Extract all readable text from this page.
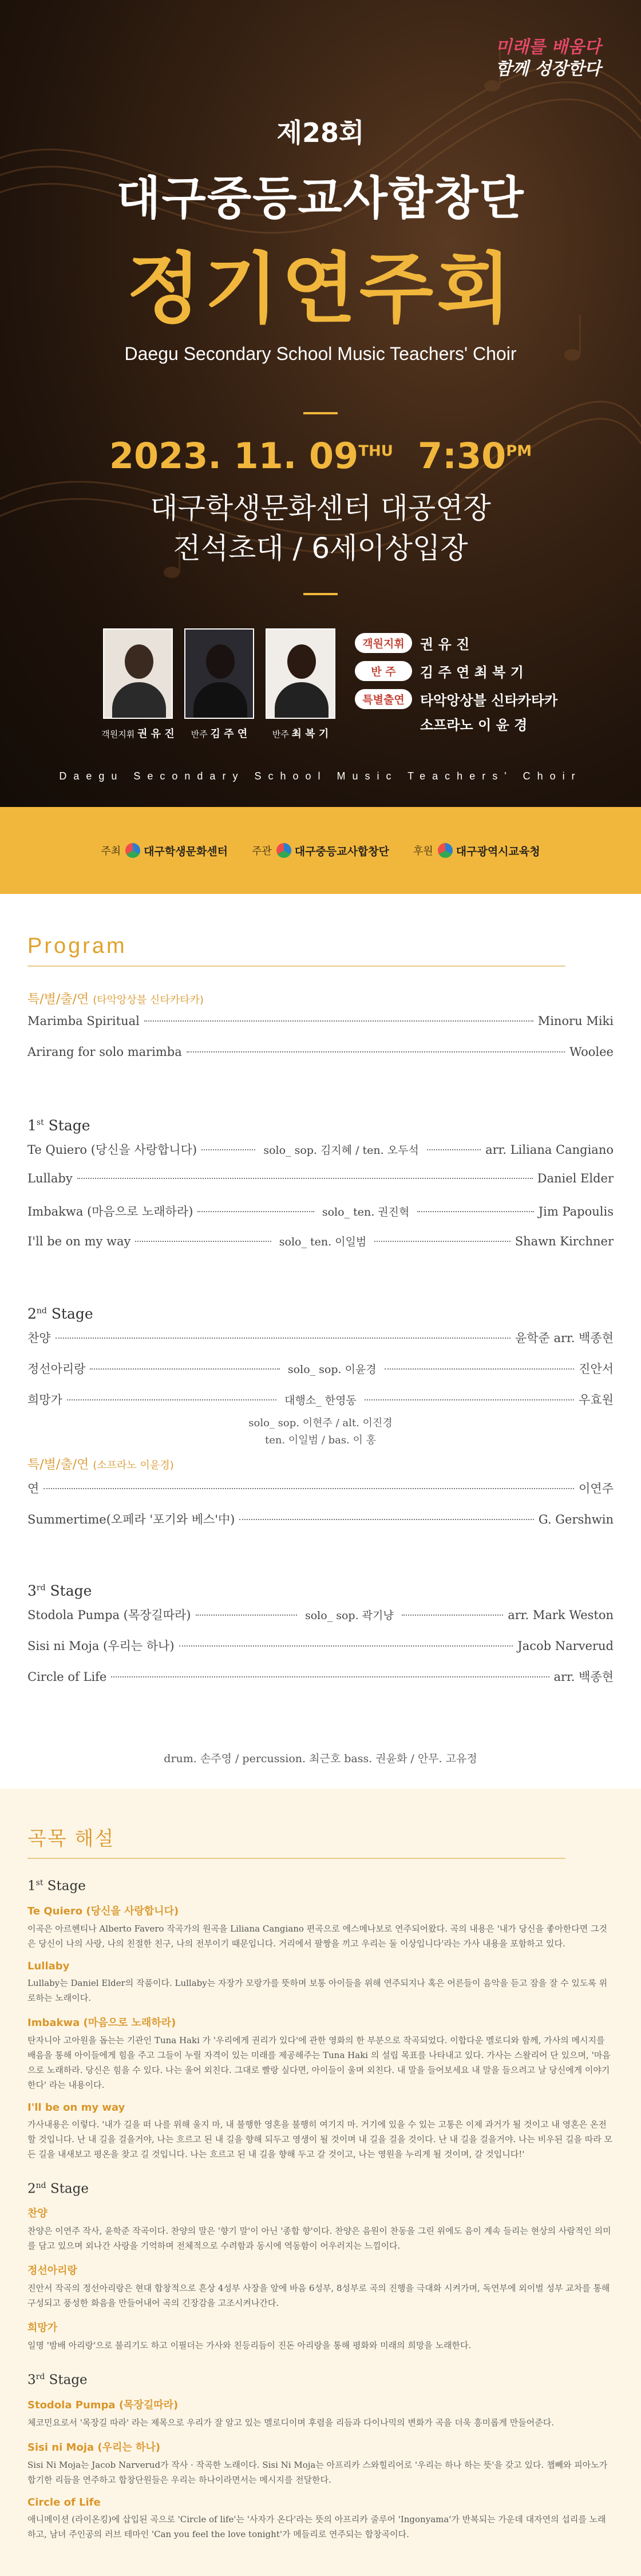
미래를 배움다
함께 성장한다
제28회
대구중등교사합창단
정기연주회
Daegu Secondary School Music Teachers' Choir
2023. 11. $09^{THU}$ $7:30^{PM}$
대구학생문화센터 대공연장
전석초대 / 6세이상입장
객원지휘 권 유 진	반주 김 주 연	반주 최 복 기
객원지휘	권 유 진
반 주	김 주 연 최 복 기
특별출연	타악앙상블 신타카타카
소프라노 이 윤 경
Daegu Secondary School Music Teachers' Choir
주최 대구학생문화센터 주관 대구중등교사합창단 후원 대구광역시교육청
Program
특/별/출/연 (타악앙상블 신타카타카)
Marimba Spiritual	Minoru Miki
Arirang for solo marimba	Woolee
1st Stage
Te Quiero (당신을 사랑합니다)	solo_ sop. 김지혜 / ten. 오두석	arr. Liliana Cangiano
Lullaby	Daniel Elder
Imbakwa (마음으로 노래하라)	solo_ ten. 권진혁	Jim Papoulis
I'll be on my way	solo_ ten. 이일범	Shawn Kirchner
2nd Stage
찬양	윤학준 arr. 백종현
정선아리랑	solo_ sop. 이윤경	진안서
희망가	대행소_ 한영동	우효원
solo_ sop. 이현주 / alt. 이진경
ten. 이일범 / bas. 이 홍
특/별/출/연 (소프라노 이윤경)
연	이연주
Summertime(오페라 '포기와 베스'中)	G. Gershwin
3rd Stage
Stodola Pumpa (목장길따라)	solo_ sop. 곽기냥	arr. Mark Weston
Sisi ni Moja (우리는 하나)	Jacob Narverud
Circle of Life	arr. 백종현
drum. 손주영 / percussion. 최근호 bass. 권윤화 / 안무. 고유정
곡목 해설
1st Stage
Te Quiero (당신을 사랑합니다)
이곡은 아르헨티나 Alberto Favero 작곡가의 원곡을 Liliana Cangiano 편곡으로 에스메나보로 연주되어왔다. 곡의 내용은 '내가 당신을 좋아한다면 그것은 당신이 나의 사랑, 나의 친절한 친구, 나의 전부이기 때문입니다. 거리에서 팔짱을 끼고 우리는 둘 이상입니다'라는 가사 내용을 포함하고 있다.
Lullaby
Lullaby는 Daniel Elder의 작품이다. Lullaby는 자장가 모랑가를 뜻하며 보통 아이들을 위해 연주되지나 혹은 어른들이 음악을 듣고 잠을 잘 수 있도록 위로하는 노래이다.
Imbakwa (마음으로 노래하라)
탄자니아 고아원을 돕는는 기관인 Tuna Haki 가 '우리에게 권리가 있다'에 관한 영화의 한 부분으로 작곡되었다. 이합다운 멜로디와 함께, 가사의 메시지를 배음을 통해 아이들에게 힘을 주고 그들이 누릴 자격이 있는 미래를 제공해주는 Tuna Haki 의 설립 목표를 나타내고 있다. 가사는 스왈리어 단 있으며, '마음으로 노래하라. 당신은 힘을 수 있다. 나는 울어 외친다. 그대로 빨랑 싶다면, 아이들이 울며 외친다. 내 말을 들어보세요 내 말을 들으려고 날 당신에게 이야기한다' 라는 내용이다.
I'll be on my way
가사내용은 이렇다. '내가 길을 떠 나를 위해 울지 마, 내 불행한 영혼을 불행히 여기지 마. 거기에 있을 수 있는 고통은 이제 과거가 될 것이고 내 영혼은 온전할 것입니다. 난 내 길을 걸을거야, 나는 흐르고 된 내 길을 향해 되두고 영생이 될 것이며 내 길을 걸을 것이다. 난 내 길을 걸을거야. 나는 비우된 길을 따라 모든 길을 내새보고 평온을 찾고 길 것입니다. 나는 흐르고 된 내 길을 향해 두고 갈 것이고, 나는 영원을 누리게 될 것이며, 갈 것입니다!'
2nd Stage
찬양
찬양은 이연주 작사, 윤학준 작곡이다. 찬양의 말은 '향기 말'이 아닌 '종합 향'이다. 찬양은 음원이 찬동을 그린 위에도 음이 계속 들리는 현상의 사람적인 의미를 담고 있으며 외나간 사랑을 기억하며 전체적으로 수려함과 동시에 역동함이 어우러지는 느낌이다.
정선아리랑
진안서 작곡의 정선아리랑은 현대 합창적으로 흔상 4성부 사장을 앞에 바음 6성부, 8성부로 곡의 진행을 극대화 시켜가며, 독연부에 외이벌 성부 교차를 통해 구성되고 풍성한 화음을 만들어내어 곡의 긴장감을 고조시켜나간다.
희망가
일명 '밤배 아리랑'으로 불리기도 하고 이필더는 가사와 친등리듬이 진돈 아리랑을 통해 평화와 미래의 희망을 노래한다.
3rd Stage
Stodola Pumpa (목장길따라)
체코민요로서 '목장길 따라' 라는 제목으로 우리가 잘 알고 있는 멜로디이며 후렴을 리듬과 다이나믹의 변화가 곡을 더욱 흥미롭게 만들어준다.
Sisi ni Moja (우리는 하나)
Sisi Ni Moja는 Jacob Narverud가 작사 · 작곡한 노래이다. Sisi Ni Moja는 아프리카 스와힐리어로 '우리는 하나 하는 뜻'을 갖고 있다. 챕빼와 피아노가 합기한 리듬을 연주하고 합창단원들은 우리는 하나이라면서는 메시지를 전달한다.
Circle of Life
애니메이션 (라이온킹)에 삽입된 곡으로 'Circle of life'는 '사자가 온다'라는 뜻의 아프리카 줄루어 'Ingonyama'가 반복되는 가운데 대자연의 섭리를 노래하고, 남녀 주인공의 러브 테마인 'Can you feel the love tonight'가 메들리로 연주되는 합창곡이다.
